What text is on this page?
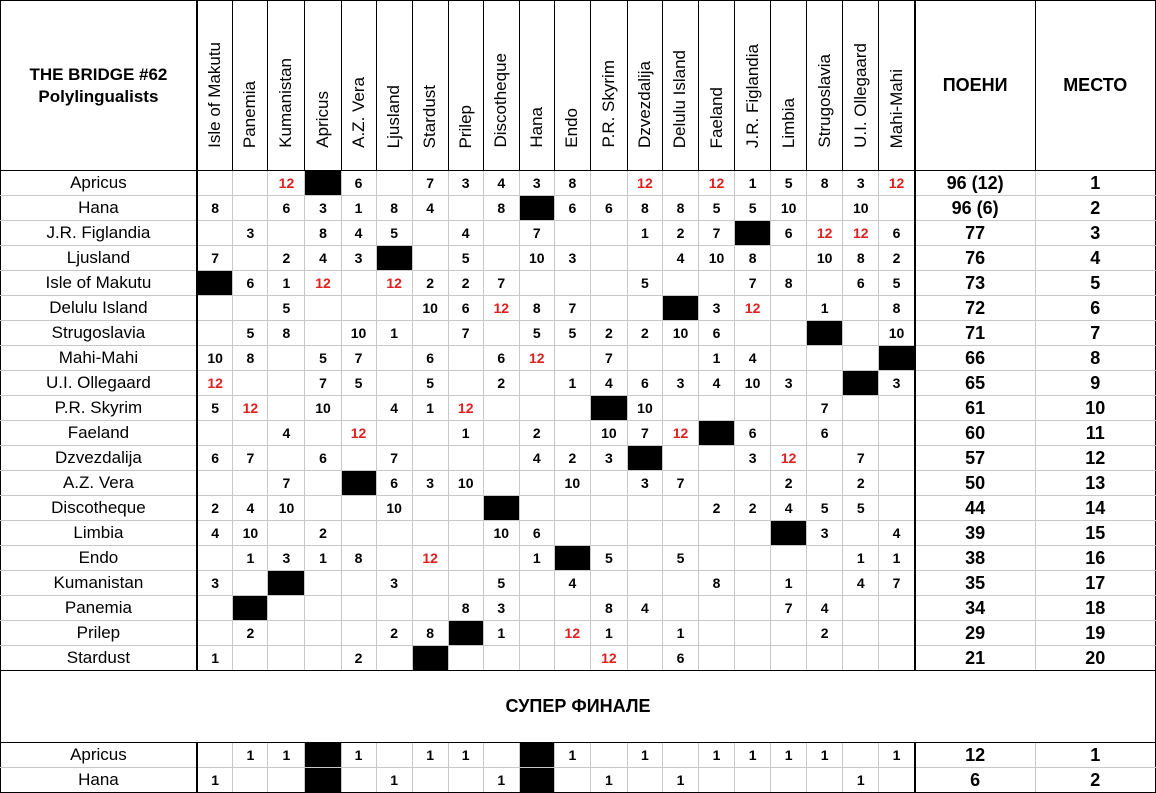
THE BRIDGE #62
Polylingualists	Isle of Makutu	Panemia	Kumanistan	Apricus	A.Z. Vera	Ljusland	Stardust	Prilep	Discotheque	Hana	Endo	P.R. Skyrim	Dzvezdalija	Delulu Island	Faeland	J.R. Figlandia	Limbia	Strugoslavia	U.I. Ollegaard	Mahi-Mahi	ПОЕНИ	МЕСТО
Apricus			12		6		7	3	4	3	8		12		12	1	5	8	3	12	96 (12)	1
Hana	8		6	3	1	8	4		8		6	6	8	8	5	5	10		10		96 (6)	2
J.R. Figlandia		3		8	4	5		4		7			1	2	7		6	12	12	6	77	3
Ljusland	7		2	4	3			5		10	3			4	10	8		10	8	2	76	4
Isle of Makutu		6	1	12		12	2	2	7				5			7	8		6	5	73	5
Delulu Island			5				10	6	12	8	7				3	12		1		8	72	6
Strugoslavia		5	8		10	1		7		5	5	2	2	10	6					10	71	7
Mahi-Mahi	10	8		5	7		6		6	12		7			1	4					66	8
U.I. Ollegaard	12			7	5		5		2		1	4	6	3	4	10	3			3	65	9
P.R. Skyrim	5	12		10		4	1	12					10					7			61	10
Faeland			4		12			1		2		10	7	12		6		6			60	11
Dzvezdalija	6	7		6		7				4	2	3				3	12		7		57	12
A.Z. Vera			7			6	3	10			10		3	7			2		2		50	13
Discotheque	2	4	10			10									2	2	4	5	5		44	14
Limbia	4	10		2					10	6								3		4	39	15
Endo		1	3	1	8		12			1		5		5					1	1	38	16
Kumanistan	3					3			5		4				8		1		4	7	35	17
Panemia								8	3			8	4				7	4			34	18
Prilep		2				2	8		1		12	1		1				2			29	19
Stardust	1				2							12		6							21	20
СУПЕР ФИНАЛЕ																						
Apricus		1	1		1		1	1			1		1		1	1	1	1		1	12	1
Hana	1					1			1			1		1					1		6	2
